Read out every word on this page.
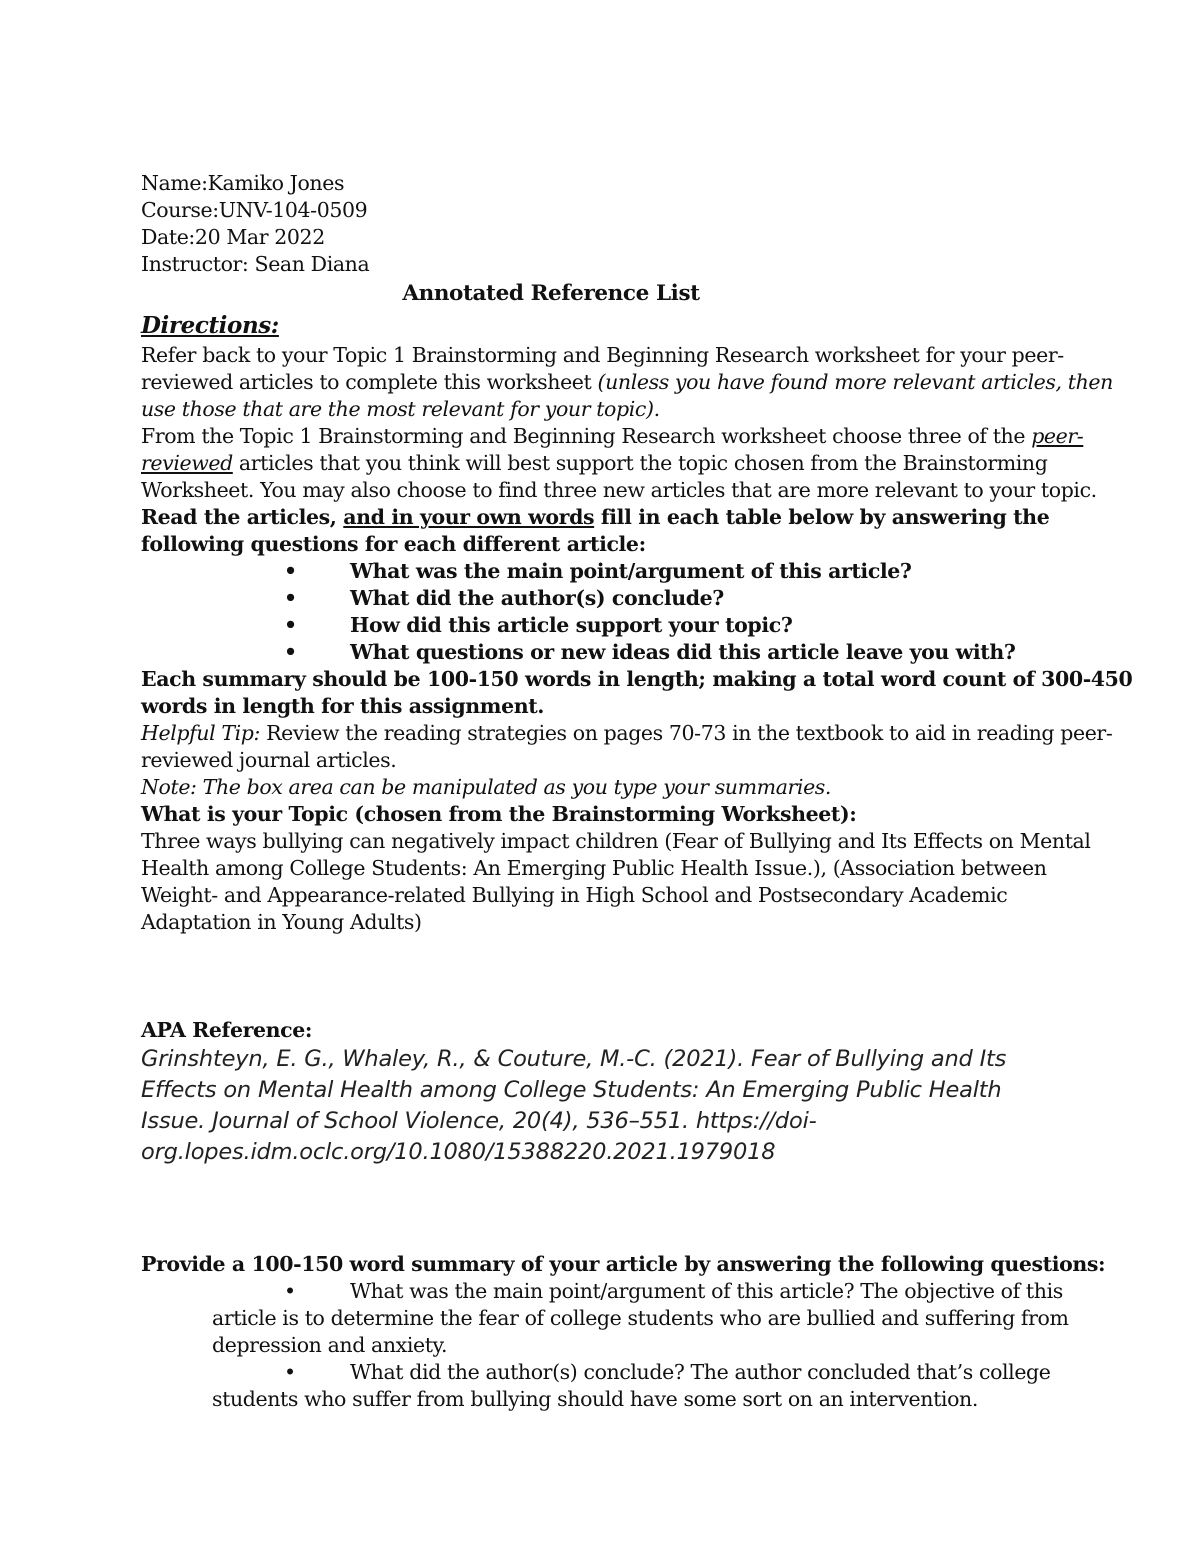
Name:Kamiko Jones
Course:UNV-104-0509
Date:20 Mar 2022
Instructor: Sean Diana
Annotated Reference List
Directions:
Refer back to your Topic 1 Brainstorming and Beginning Research worksheet for your peer-
reviewed articles to complete this worksheet (unless you have found more relevant articles, then
use those that are the most relevant for your topic).
From the Topic 1 Brainstorming and Beginning Research worksheet choose three of the peer-
reviewed articles that you think will best support the topic chosen from the Brainstorming
Worksheet. You may also choose to find three new articles that are more relevant to your topic.
Read the articles, and in your own words fill in each table below by answering the
following questions for each different article:
•	What was the main point/argument of this article?
•	What did the author(s) conclude?
•	How did this article support your topic?
•	What questions or new ideas did this article leave you with?
Each summary should be 100-150 words in length; making a total word count of 300-450
words in length for this assignment.
Helpful Tip: Review the reading strategies on pages 70-73 in the textbook to aid in reading peer-
reviewed journal articles.
Note: The box area can be manipulated as you type your summaries.
What is your Topic (chosen from the Brainstorming Worksheet):
Three ways bullying can negatively impact children (Fear of Bullying and Its Effects on Mental
Health among College Students: An Emerging Public Health Issue.), (Association between
Weight- and Appearance-related Bullying in High School and Postsecondary Academic
Adaptation in Young Adults)
APA Reference:
Grinshteyn, E. G., Whaley, R., & Couture, M.-C. (2021). Fear of Bullying and Its
Effects on Mental Health among College Students: An Emerging Public Health
Issue. Journal of School Violence, 20(4), 536–551. https://doi-
org.lopes.idm.oclc.org/10.1080/15388220.2021.1979018
Provide a 100-150 word summary of your article by answering the following questions:
•	What was the main point/argument of this article? The objective of this
article is to determine the fear of college students who are bullied and suffering from
depression and anxiety.
•	What did the author(s) conclude? The author concluded that’s college
students who suffer from bullying should have some sort on an intervention.
